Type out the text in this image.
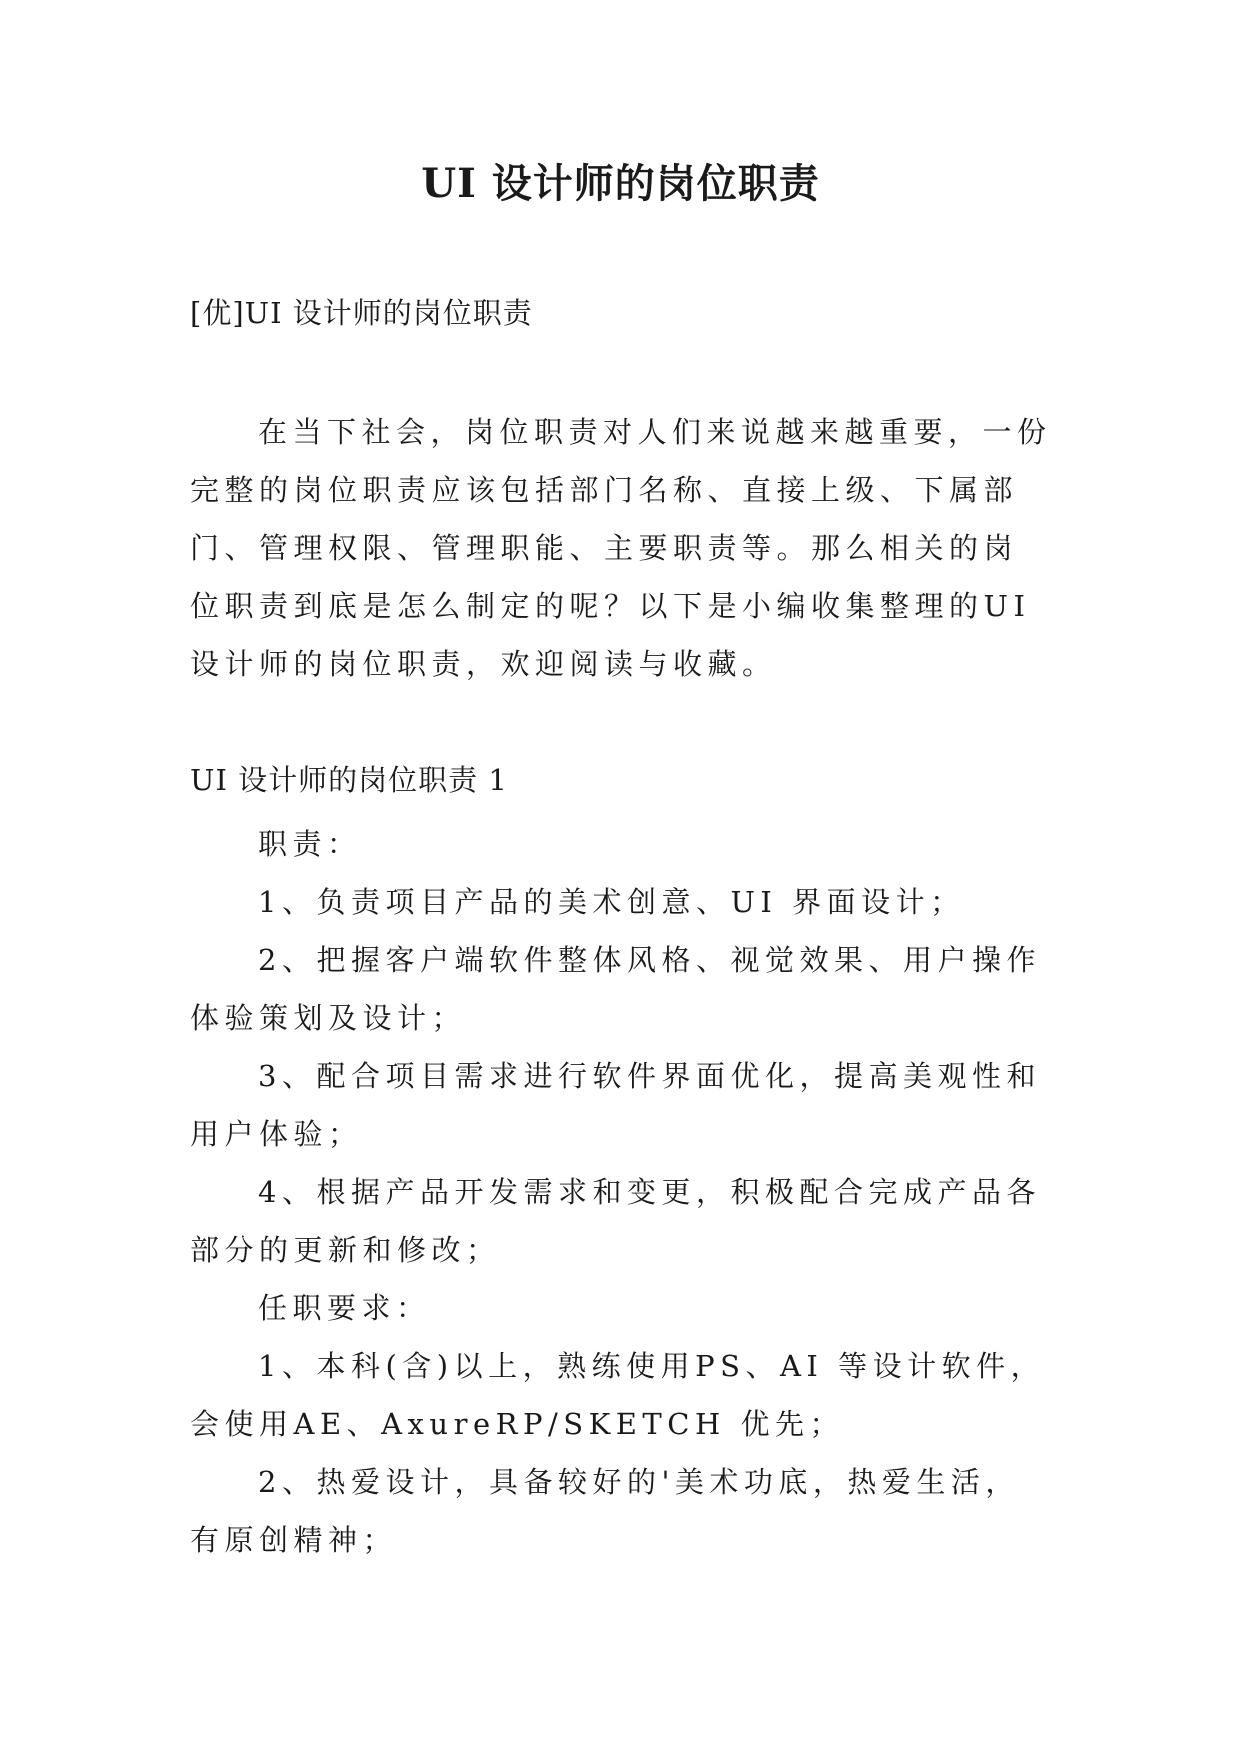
UI 设计师的岗位职责

[优]UI 设计师的岗位职责

在当下社会，岗位职责对人们来说越来越重要，一份完整的岗位职责应该包括部门名称、直接上级、下属部门、管理权限、管理职能、主要职责等。那么相关的岗位职责到底是怎么制定的呢？以下是小编收集整理的UI 设计师的岗位职责，欢迎阅读与收藏。

UI 设计师的岗位职责 1

职责：
1、负责项目产品的美术创意、UI 界面设计；
2、把握客户端软件整体风格、视觉效果、用户操作体验策划及设计；
3、配合项目需求进行软件界面优化，提高美观性和用户体验；
4、根据产品开发需求和变更，积极配合完成产品各部分的更新和修改；
任职要求：
1、本科(含)以上，熟练使用PS、AI 等设计软件，会使用AE、AxureRP/SKETCH 优先；
2、热爱设计，具备较好的'美术功底，热爱生活，有原创精神；
